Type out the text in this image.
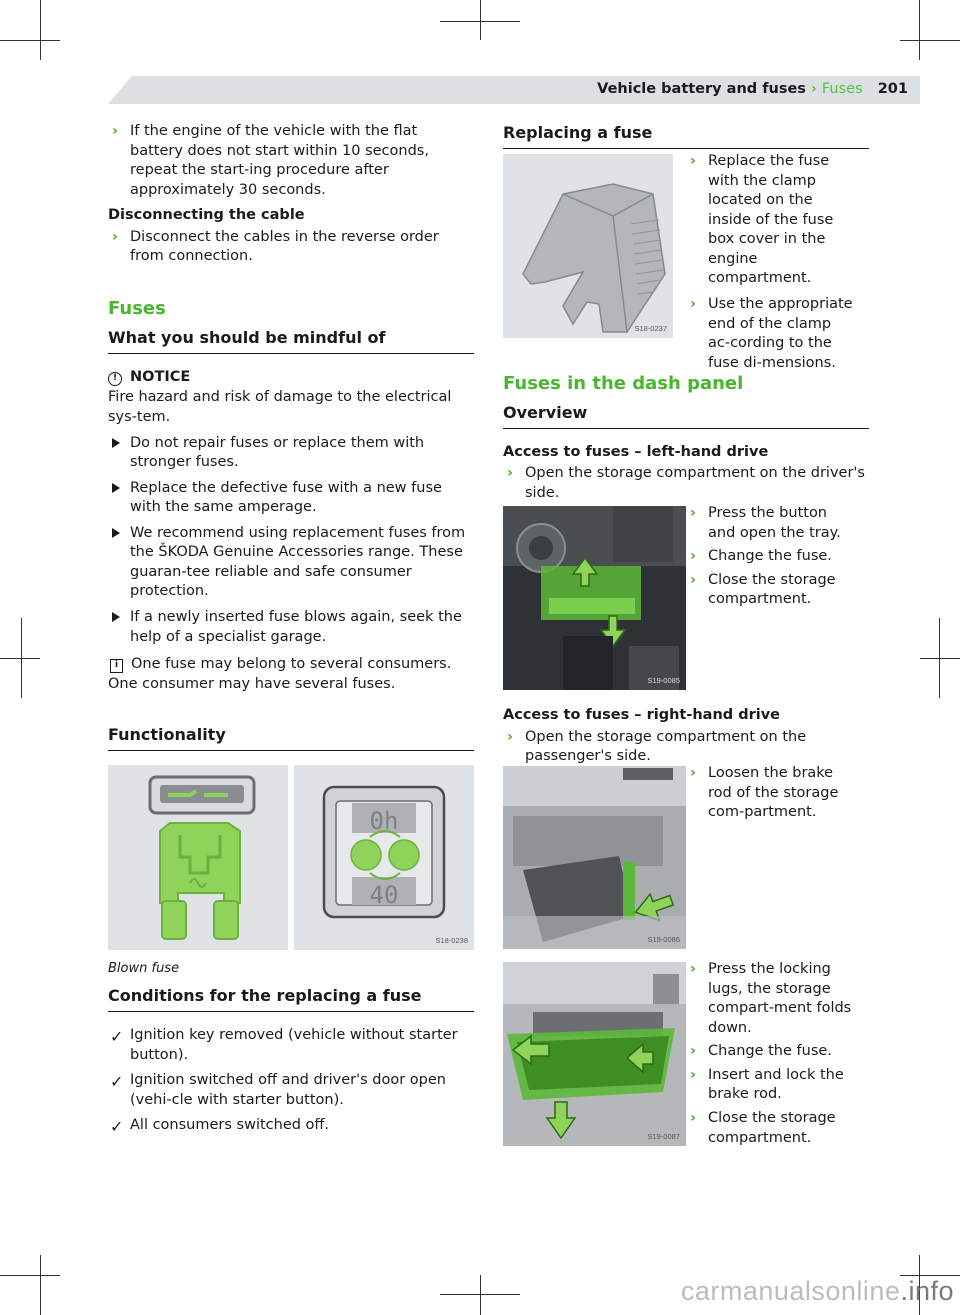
Vehicle battery and fuses › Fuses 201
› If the engine of the vehicle with the flat battery does not start within 10 seconds, repeat the start-ing procedure after approximately 30 seconds.
Disconnecting the cable
› Disconnect the cables in the reverse order from connection.
Fuses
What you should be mindful of
! NOTICE
Fire hazard and risk of damage to the electrical sys-tem.
Do not repair fuses or replace them with stronger fuses.
Replace the defective fuse with a new fuse with the same amperage.
We recommend using replacement fuses from the ŠKODA Genuine Accessories range. These guaran-tee reliable and safe consumer protection.
If a newly inserted fuse blows again, seek the help of a specialist garage.
i One fuse may belong to several consumers. One consumer may have several fuses.
Functionality
0h
40
S18-0238
Blown fuse
Conditions for the replacing a fuse
✓ Ignition key removed (vehicle without starter button).
✓ Ignition switched off and driver's door open (vehi-cle with starter button).
✓ All consumers switched off.
Replacing a fuse
S18-0237
› Replace the fuse with the clamp located on the inside of the fuse box cover in the engine compartment.
› Use the appropriate end of the clamp ac-cording to the fuse di-mensions.
Fuses in the dash panel
Overview
Access to fuses – left-hand drive
› Open the storage compartment on the driver's side.
S19-0085
› Press the button and open the tray.
› Change the fuse.
› Close the storage compartment.
Access to fuses – right-hand drive
› Open the storage compartment on the passenger's side.
S19-0086
› Loosen the brake rod of the storage com-partment.
S19-0087
› Press the locking lugs, the storage compart-ment folds down.
› Change the fuse.
› Insert and lock the brake rod.
› Close the storage compartment.
carmanualsonline.info
